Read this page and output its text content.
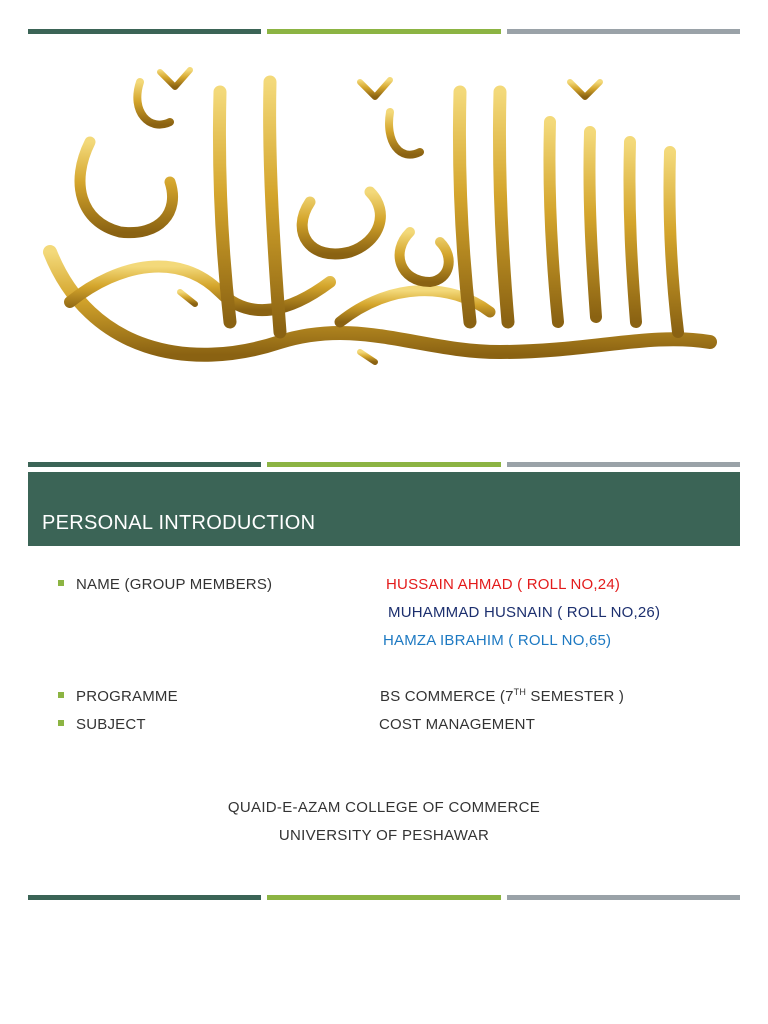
PERSONAL INTRODUCTION
NAME (GROUP MEMBERS)	HUSSAIN AHMAD ( ROLL NO,24)
MUHAMMAD HUSNAIN ( ROLL NO,26)
HAMZA IBRAHIM ( ROLL NO,65)
PROGRAMME	BS COMMERCE (7TH SEMESTER )
SUBJECT	COST MANAGEMENT
QUAID-E-AZAM COLLEGE OF COMMERCE
UNIVERSITY OF PESHAWAR
